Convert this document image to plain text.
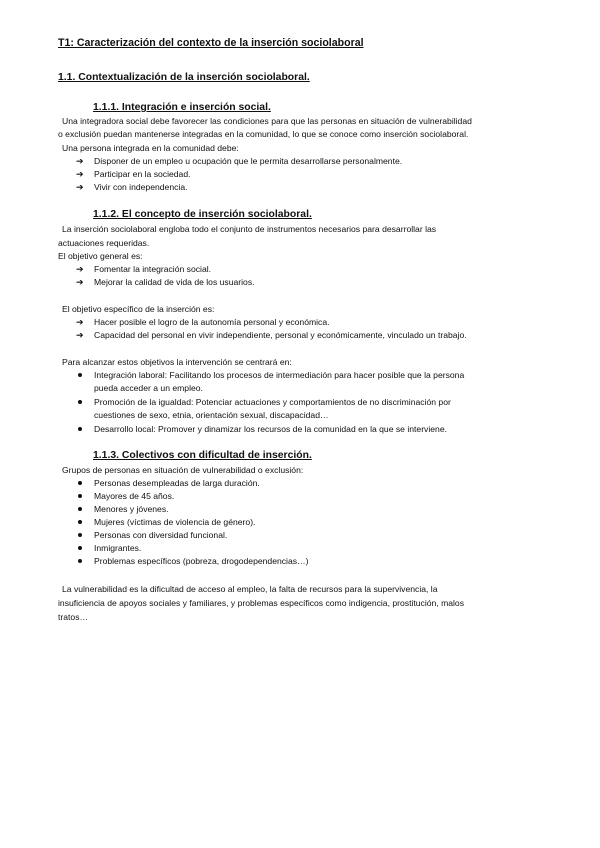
T1: Caracterización del contexto de la inserción sociolaboral
1.1. Contextualización de la inserción sociolaboral.
1.1.1. Integración e inserción social.
Una integradora social debe favorecer las condiciones para que las personas en situación de vulnerabilidad
o exclusión puedan mantenerse integradas en la comunidad, lo que se conoce como inserción sociolaboral.
Una persona integrada en la comunidad debe:
➔ Disponer de un empleo u ocupación que le permita desarrollarse personalmente.
➔ Participar en la sociedad.
➔ Vivir con independencia.
1.1.2. El concepto de inserción sociolaboral.
La inserción sociolaboral engloba todo el conjunto de instrumentos necesarios para desarrollar las
actuaciones requeridas.
El objetivo general es:
➔ Fomentar la integración social.
➔ Mejorar la calidad de vida de los usuarios.
El objetivo específico de la inserción es:
➔ Hacer posible el logro de la autonomía personal y económica.
➔ Capacidad del personal en vivir independiente, personal y económicamente, vinculado un trabajo.
Para alcanzar estos objetivos la intervención se centrará en:
Integración laboral: Facilitando los procesos de intermediación para hacer posible que la persona
pueda acceder a un empleo.
Promoción de la igualdad: Potenciar actuaciones y comportamientos de no discriminación por
cuestiones de sexo, etnia, orientación sexual, discapacidad…
Desarrollo local: Promover y dinamizar los recursos de la comunidad en la que se interviene.
1.1.3. Colectivos con dificultad de inserción.
Grupos de personas en situación de vulnerabilidad o exclusión:
Personas desempleadas de larga duración.
Mayores de 45 años.
Menores y jóvenes.
Mujeres (víctimas de violencia de género).
Personas con diversidad funcional.
Inmigrantes.
Problemas específicos (pobreza, drogodependencias…)
La vulnerabilidad es la dificultad de acceso al empleo, la falta de recursos para la supervivencia, la
insuficiencia de apoyos sociales y familiares, y problemas específicos como indigencia, prostitución, malos
tratos…
